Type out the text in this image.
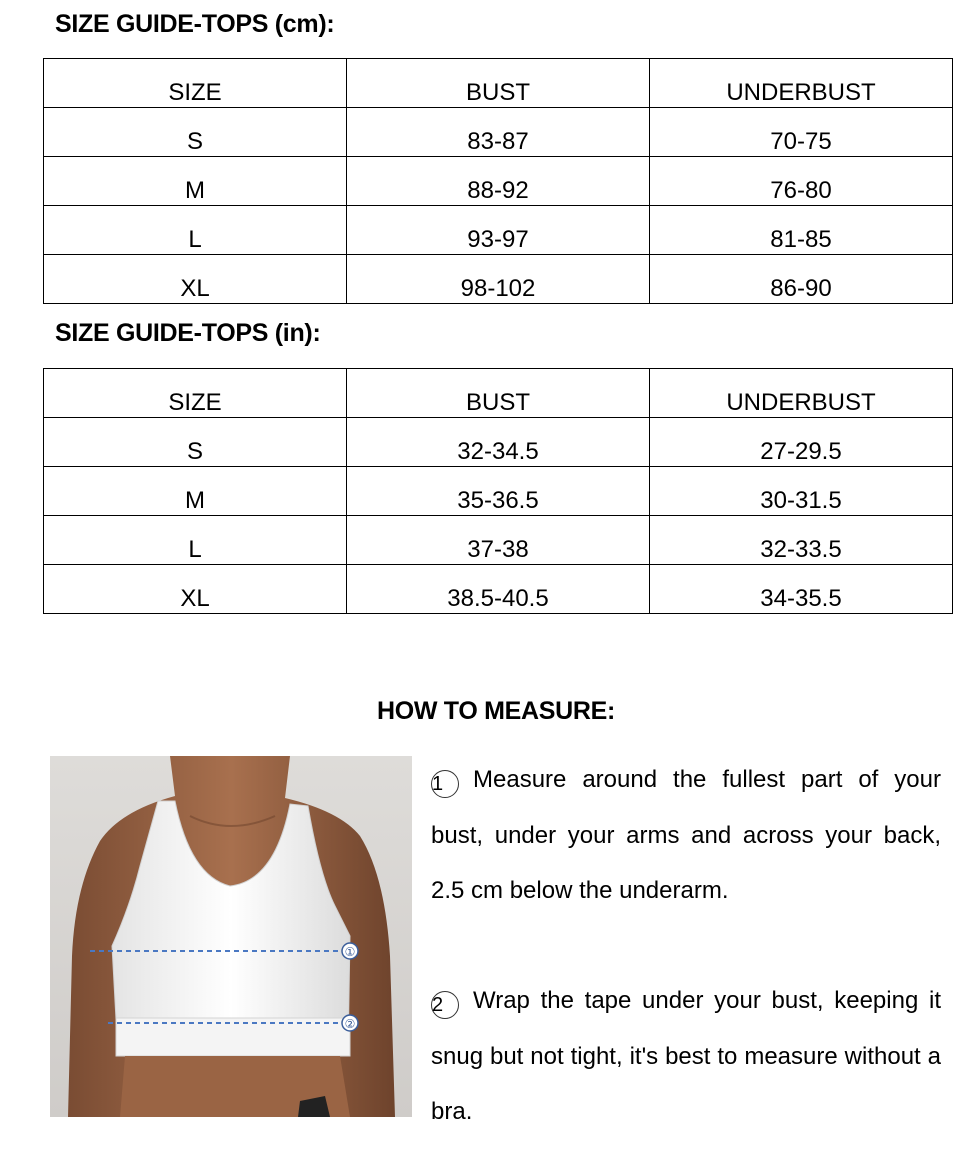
SIZE GUIDE-TOPS (cm):
SIZE	BUST	UNDERBUST
S	83-87	70-75
M	88-92	76-80
L	93-97	81-85
XL	98-102	86-90
SIZE GUIDE-TOPS (in):
SIZE	BUST	UNDERBUST
S	32-34.5	27-29.5
M	35-36.5	30-31.5
L	37-38	32-33.5
XL	38.5-40.5	34-35.5
HOW TO MEASURE:
①
②
1 Measure around the fullest part of your bust, under your arms and across your back, 2.5 cm below the underarm.
2 Wrap the tape under your bust, keeping it snug but not tight, it's best to measure without a bra.
